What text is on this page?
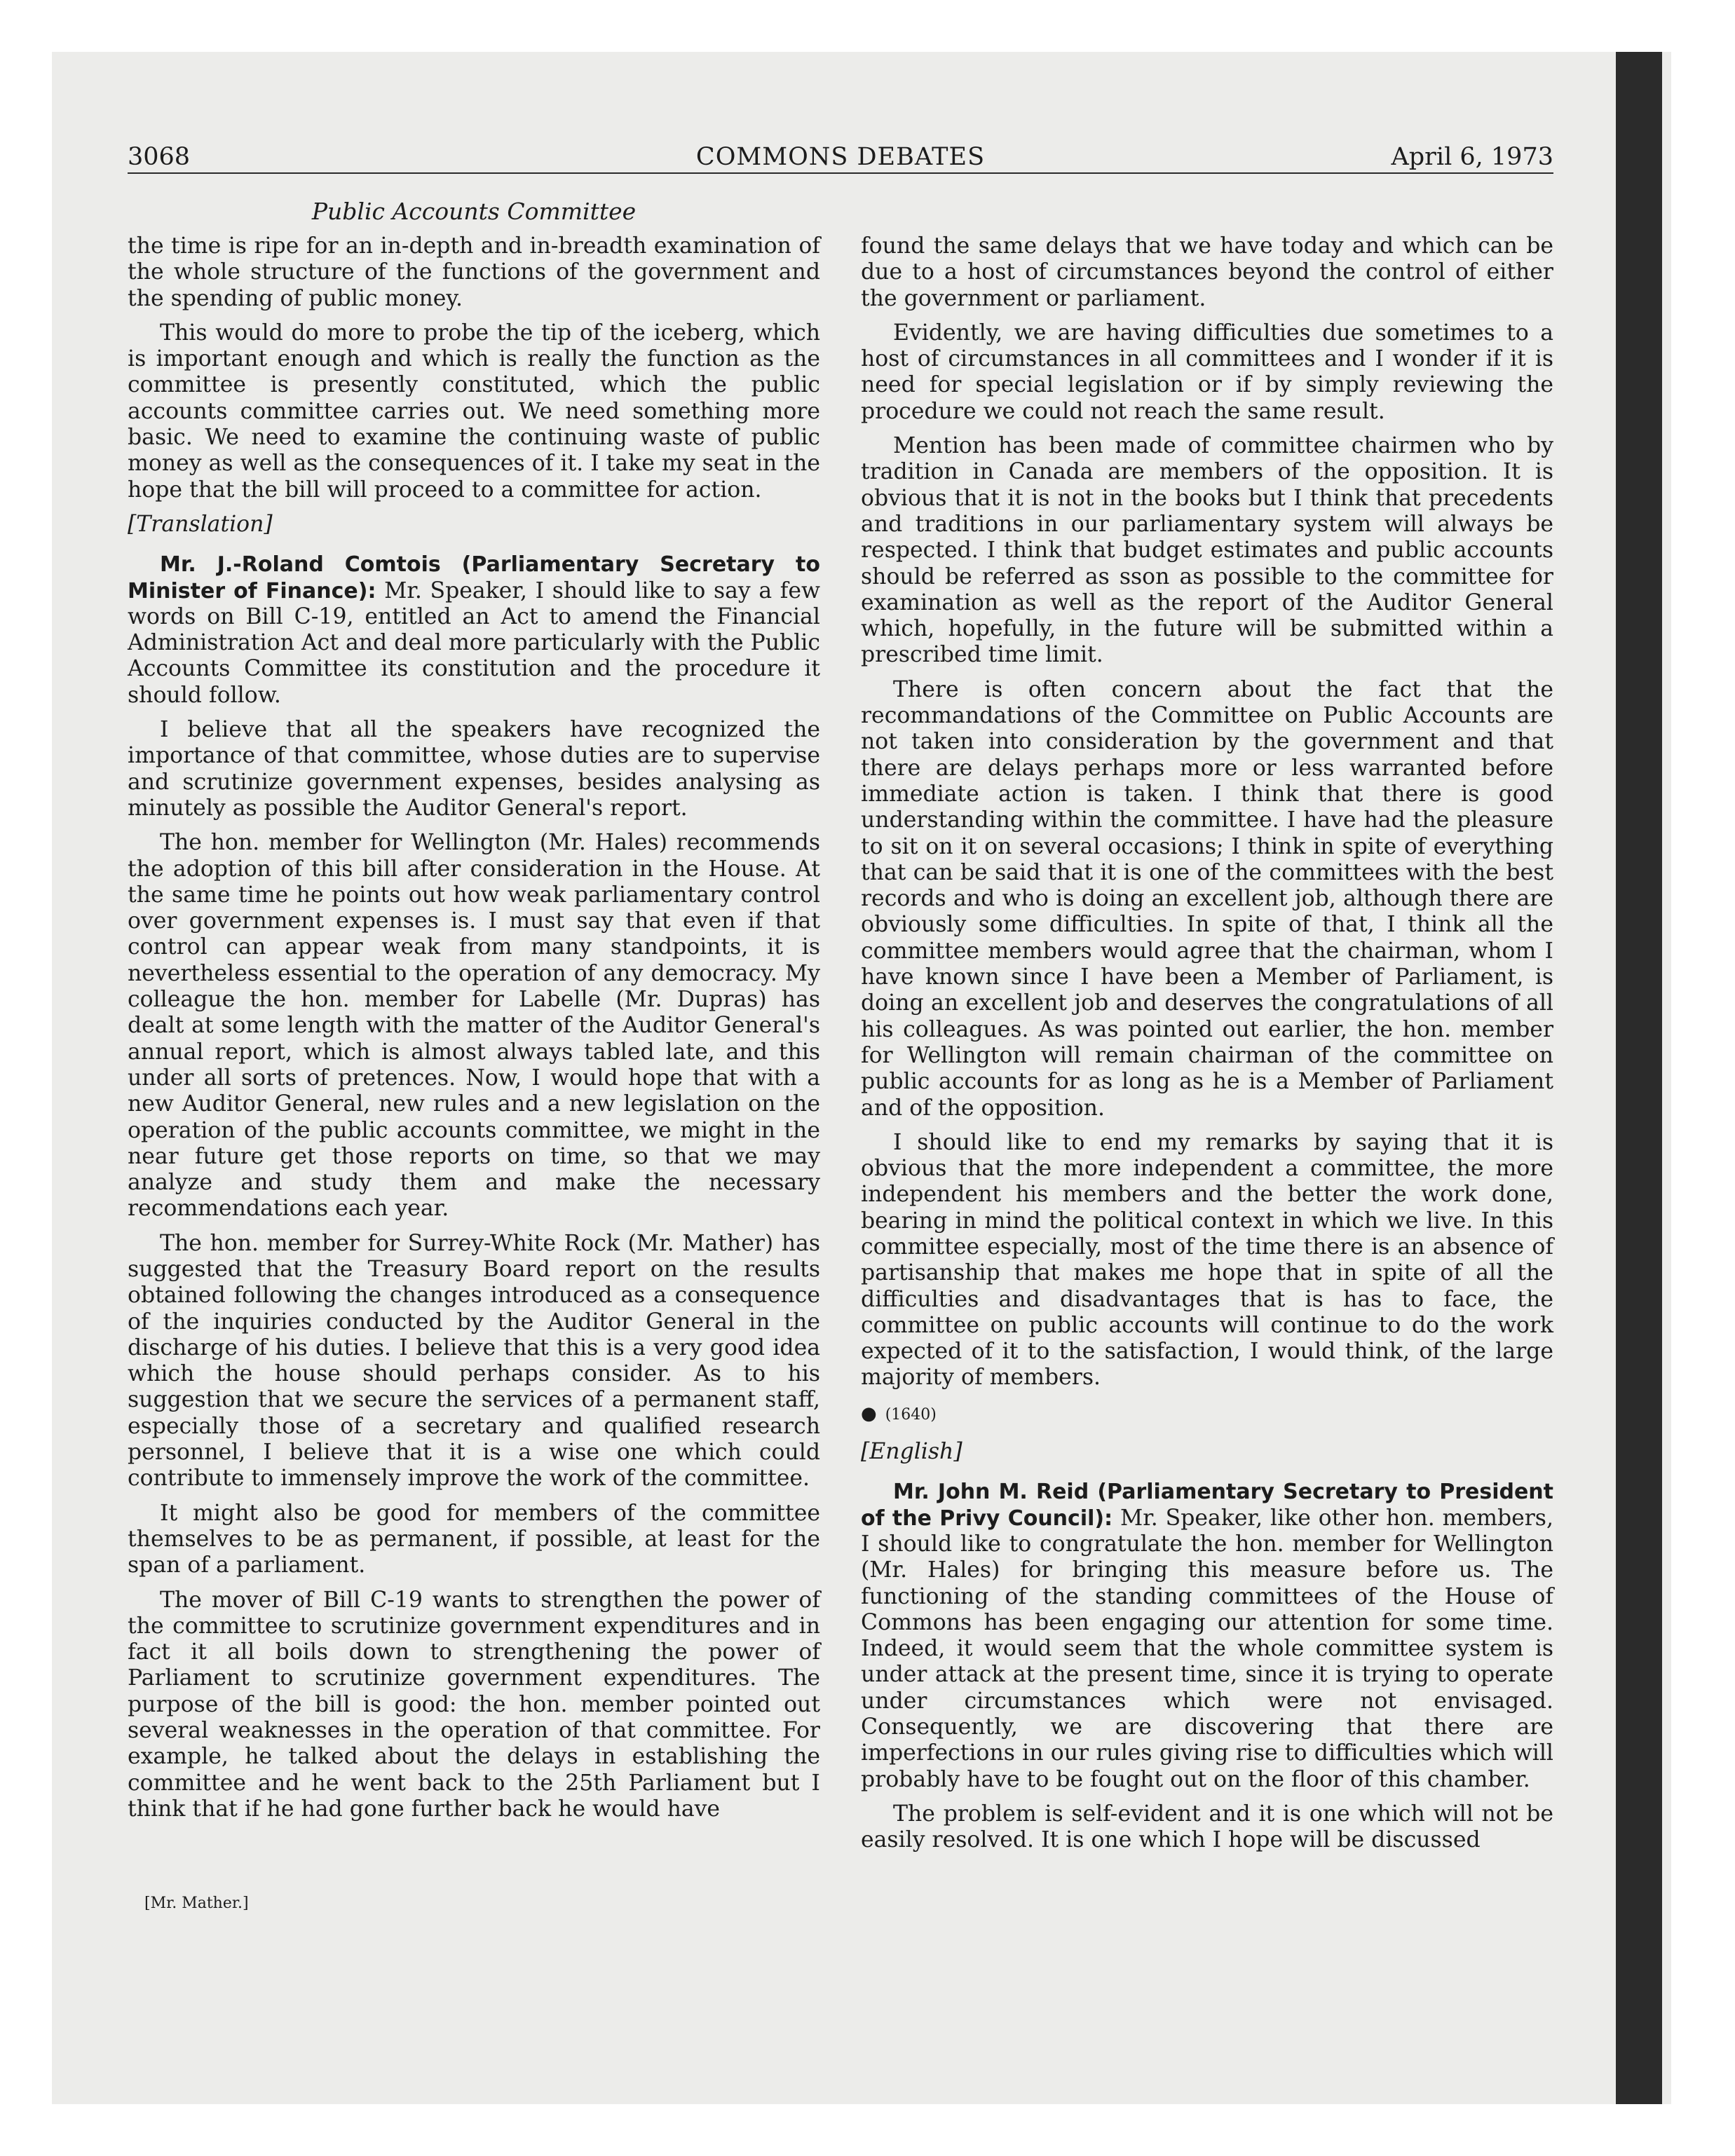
3068	COMMONS DEBATES	April 6, 1973
Public Accounts Committee

the time is ripe for an in-depth and in-breadth examination of the whole structure of the functions of the government and the spending of public money.

This would do more to probe the tip of the iceberg, which is important enough and which is really the function as the committee is presently constituted, which the public accounts committee carries out. We need something more basic. We need to examine the continuing waste of public money as well as the consequences of it. I take my seat in the hope that the bill will proceed to a committee for action.

[Translation]

Mr. J.-Roland Comtois (Parliamentary Secretary to Minister of Finance): Mr. Speaker, I should like to say a few words on Bill C-19, entitled an Act to amend the Financial Administration Act and deal more particularly with the Public Accounts Committee its constitution and the procedure it should follow.

I believe that all the speakers have recognized the importance of that committee, whose duties are to supervise and scrutinize government expenses, besides analysing as minutely as possible the Auditor General's report.

The hon. member for Wellington (Mr. Hales) recommends the adoption of this bill after consideration in the House. At the same time he points out how weak parliamentary control over government expenses is. I must say that even if that control can appear weak from many standpoints, it is nevertheless essential to the operation of any democracy. My colleague the hon. member for Labelle (Mr. Dupras) has dealt at some length with the matter of the Auditor General's annual report, which is almost always tabled late, and this under all sorts of pretences. Now, I would hope that with a new Auditor General, new rules and a new legislation on the operation of the public accounts committee, we might in the near future get those reports on time, so that we may analyze and study them and make the necessary recommendations each year.

The hon. member for Surrey-White Rock (Mr. Mather) has suggested that the Treasury Board report on the results obtained following the changes introduced as a consequence of the inquiries conducted by the Auditor General in the discharge of his duties. I believe that this is a very good idea which the house should perhaps consider. As to his suggestion that we secure the services of a permanent staff, especially those of a secretary and qualified research personnel, I believe that it is a wise one which could contribute to immensely improve the work of the committee.

It might also be good for members of the committee themselves to be as permanent, if possible, at least for the span of a parliament.

The mover of Bill C-19 wants to strengthen the power of the committee to scrutinize government expenditures and in fact it all boils down to strengthening the power of Parliament to scrutinize government expenditures. The purpose of the bill is good: the hon. member pointed out several weaknesses in the operation of that committee. For example, he talked about the delays in establishing the committee and he went back to the 25th Parliament but I think that if he had gone further back he would have

found the same delays that we have today and which can be due to a host of circumstances beyond the control of either the government or parliament.

Evidently, we are having difficulties due sometimes to a host of circumstances in all committees and I wonder if it is need for special legislation or if by simply reviewing the procedure we could not reach the same result.

Mention has been made of committee chairmen who by tradition in Canada are members of the opposition. It is obvious that it is not in the books but I think that precedents and traditions in our parliamentary system will always be respected. I think that budget estimates and public accounts should be referred as sson as possible to the committee for examination as well as the report of the Auditor General which, hopefully, in the future will be submitted within a prescribed time limit.

There is often concern about the fact that the recommandations of the Committee on Public Accounts are not taken into consideration by the government and that there are delays perhaps more or less warranted before immediate action is taken. I think that there is good understanding within the committee. I have had the pleasure to sit on it on several occasions; I think in spite of everything that can be said that it is one of the committees with the best records and who is doing an excellent job, although there are obviously some difficulties. In spite of that, I think all the committee members would agree that the chairman, whom I have known since I have been a Member of Parliament, is doing an excellent job and deserves the congratulations of all his colleagues. As was pointed out earlier, the hon. member for Wellington will remain chairman of the committee on public accounts for as long as he is a Member of Parliament and of the opposition.

I should like to end my remarks by saying that it is obvious that the more independent a committee, the more independent his members and the better the work done, bearing in mind the political context in which we live. In this committee especially, most of the time there is an absence of partisanship that makes me hope that in spite of all the difficulties and disadvantages that is has to face, the committee on public accounts will continue to do the work expected of it to the satisfaction, I would think, of the large majority of members.

● (1640)

[English]

Mr. John M. Reid (Parliamentary Secretary to President of the Privy Council): Mr. Speaker, like other hon. members, I should like to congratulate the hon. member for Wellington (Mr. Hales) for bringing this measure before us. The functioning of the standing committees of the House of Commons has been engaging our attention for some time. Indeed, it would seem that the whole committee system is under attack at the present time, since it is trying to operate under circumstances which were not envisaged. Consequently, we are discovering that there are imperfections in our rules giving rise to difficulties which will probably have to be fought out on the floor of this chamber.

The problem is self-evident and it is one which will not be easily resolved. It is one which I hope will be discussed

[Mr. Mather.]
